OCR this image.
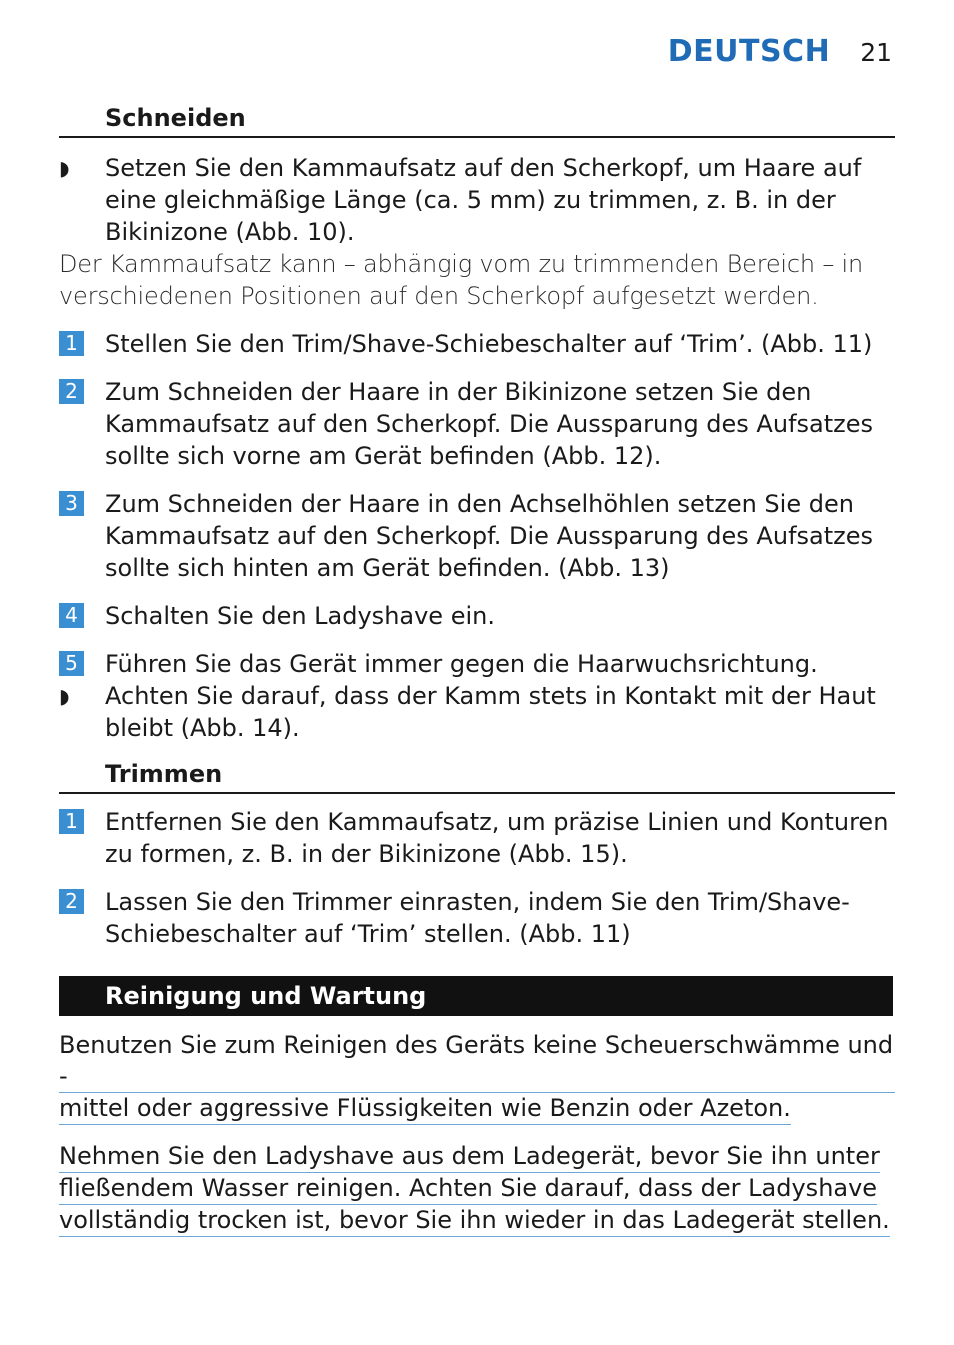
DEUTSCH 21
Schneiden
◗ Setzen Sie den Kammaufsatz auf den Scherkopf, um Haare auf eine gleichmäßige Länge (ca. 5 mm) zu trimmen, z. B. in der Bikinizone (Abb. 10).
Der Kammaufsatz kann – abhängig vom zu trimmenden Bereich – in verschiedenen Positionen auf den Scherkopf aufgesetzt werden.
1 Stellen Sie den Trim/Shave-Schiebeschalter auf ‘Trim’. (Abb. 11)
2 Zum Schneiden der Haare in der Bikinizone setzen Sie den Kammaufsatz auf den Scherkopf. Die Aussparung des Aufsatzes sollte sich vorne am Gerät befinden (Abb. 12).
3 Zum Schneiden der Haare in den Achselhöhlen setzen Sie den Kammaufsatz auf den Scherkopf. Die Aussparung des Aufsatzes sollte sich hinten am Gerät befinden. (Abb. 13)
4 Schalten Sie den Ladyshave ein.
5 Führen Sie das Gerät immer gegen die Haarwuchsrichtung.
◗ Achten Sie darauf, dass der Kamm stets in Kontakt mit der Haut bleibt (Abb. 14).
Trimmen
1 Entfernen Sie den Kammaufsatz, um präzise Linien und Konturen zu formen, z. B. in der Bikinizone (Abb. 15).
2 Lassen Sie den Trimmer einrasten, indem Sie den Trim/Shave-Schiebeschalter auf ‘Trim’ stellen. (Abb. 11)
Reinigung und Wartung
Benutzen Sie zum Reinigen des Geräts keine Scheuerschwämme und -
mittel oder aggressive Flüssigkeiten wie Benzin oder Azeton.
Nehmen Sie den Ladyshave aus dem Ladegerät, bevor Sie ihn unter
fließendem Wasser reinigen. Achten Sie darauf, dass der Ladyshave
vollständig trocken ist, bevor Sie ihn wieder in das Ladegerät stellen.
